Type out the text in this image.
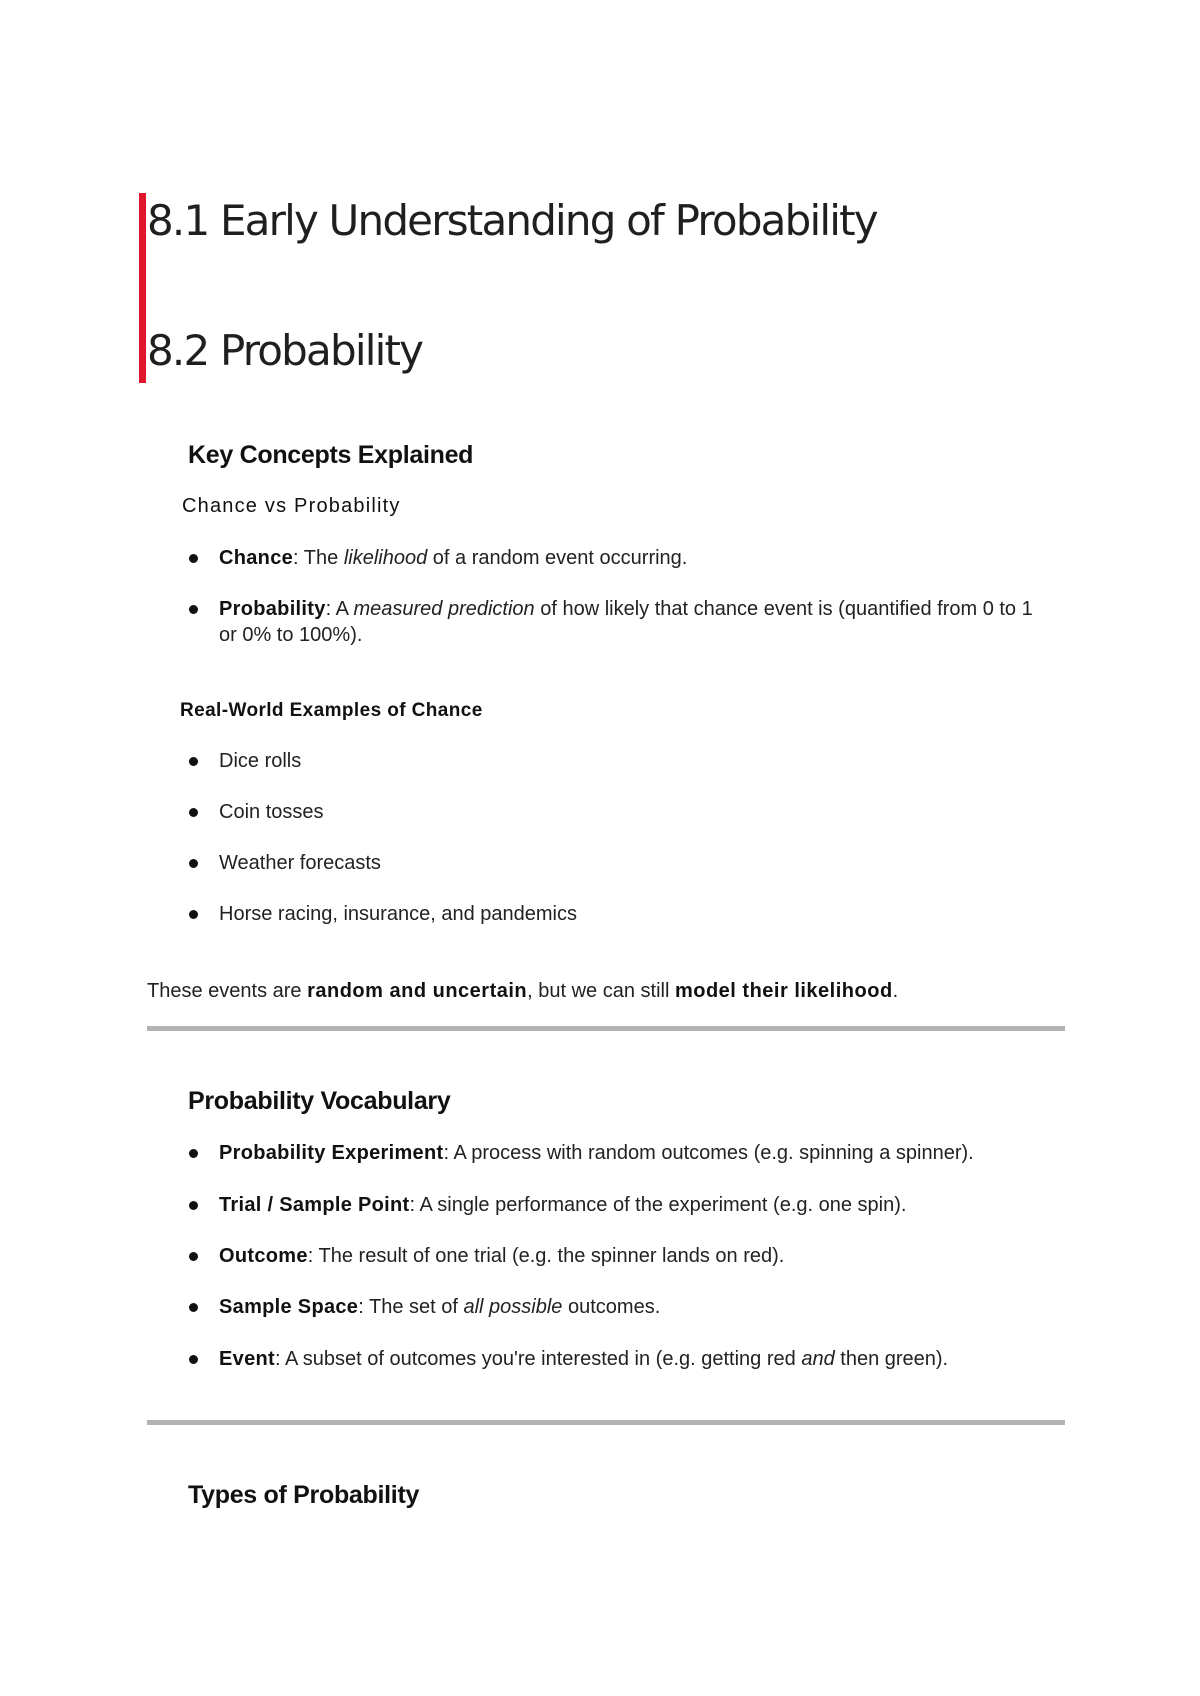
8.1 Early Understanding of Probability
8.2 Probability
Key Concepts Explained
Chance vs Probability
Chance: The likelihood of a random event occurring.
Probability: A measured prediction of how likely that chance event is (quantified from 0 to 1 or 0% to 100%).
Real-World Examples of Chance
Dice rolls
Coin tosses
Weather forecasts
Horse racing, insurance, and pandemics

These events are random and uncertain, but we can still model their likelihood.

Probability Vocabulary
Probability Experiment: A process with random outcomes (e.g. spinning a spinner).
Trial / Sample Point: A single performance of the experiment (e.g. one spin).
Outcome: The result of one trial (e.g. the spinner lands on red).
Sample Space: The set of all possible outcomes.
Event: A subset of outcomes you're interested in (e.g. getting red and then green).
Types of Probability
